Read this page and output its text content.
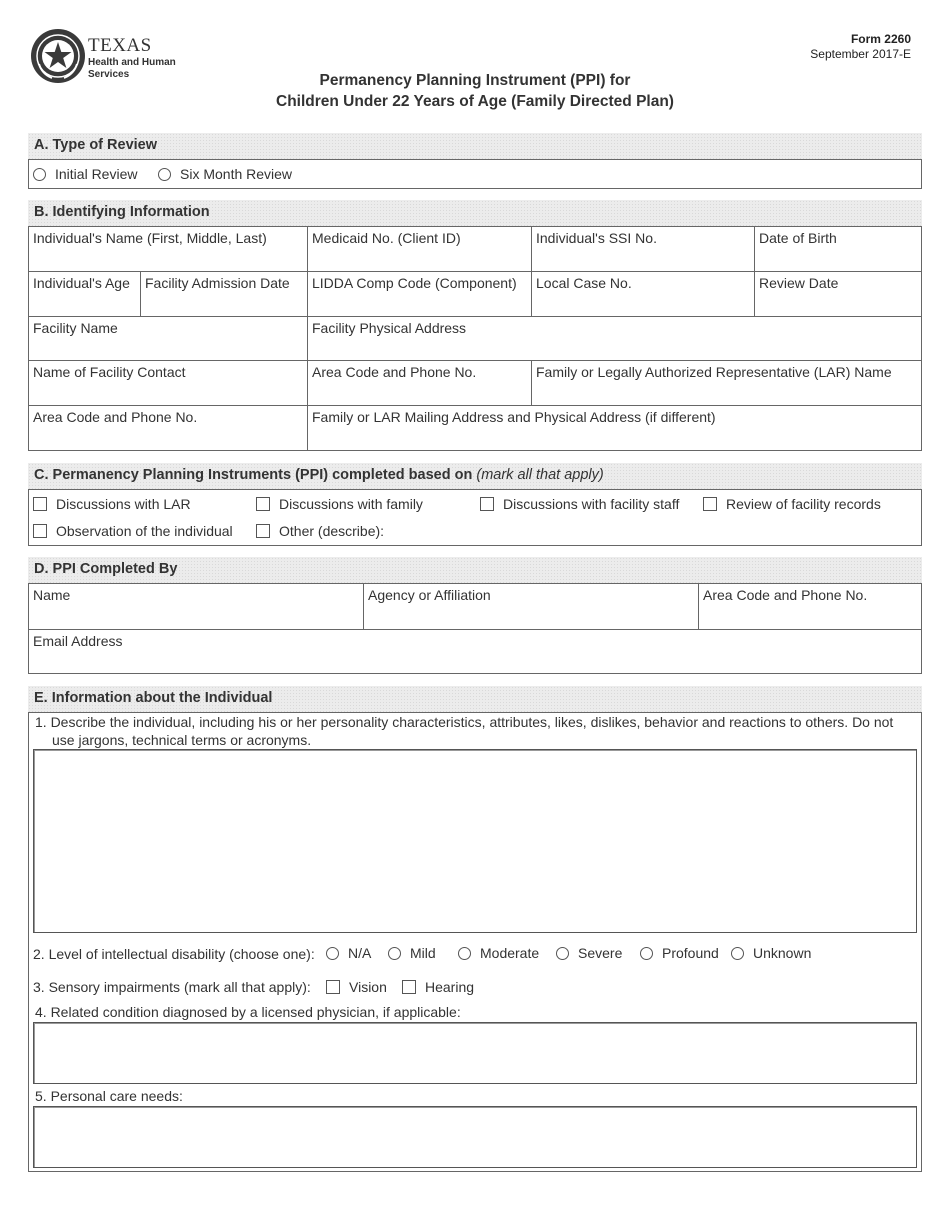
TEXAS
Health and Human
Services
Form 2260
September 2017-E
Permanency Planning Instrument (PPI) for
Children Under 22 Years of Age (Family Directed Plan)
A. Type of Review
Initial Review	Six Month Review
B. Identifying Information
Individual's Name (First, Middle, Last)	Medicaid No. (Client ID)	Individual's SSI No.	Date of Birth
Individual's Age	Facility Admission Date	LIDDA Comp Code (Component)	Local Case No.	Review Date
Facility Name	Facility Physical Address
Name of Facility Contact	Area Code and Phone No.	Family or Legally Authorized Representative (LAR) Name
Area Code and Phone No.	Family or LAR Mailing Address and Physical Address (if different)
C. Permanency Planning Instruments (PPI) completed based on (mark all that apply)
Discussions with LAR	Discussions with family	Discussions with facility staff	Review of facility records
Observation of the individual	Other (describe):
D. PPI Completed By
Name	Agency or Affiliation	Area Code and Phone No.
Email Address
E. Information about the Individual
1. Describe the individual, including his or her personality characteristics, attributes, likes, dislikes, behavior and reactions to others. Do not
use jargons, technical terms or acronyms.
2. Level of intellectual disability (choose one): N/A	Mild	Moderate	Severe	Profound Unknown
3. Sensory impairments (mark all that apply):	Vision	Hearing
4. Related condition diagnosed by a licensed physician, if applicable:
5. Personal care needs:
